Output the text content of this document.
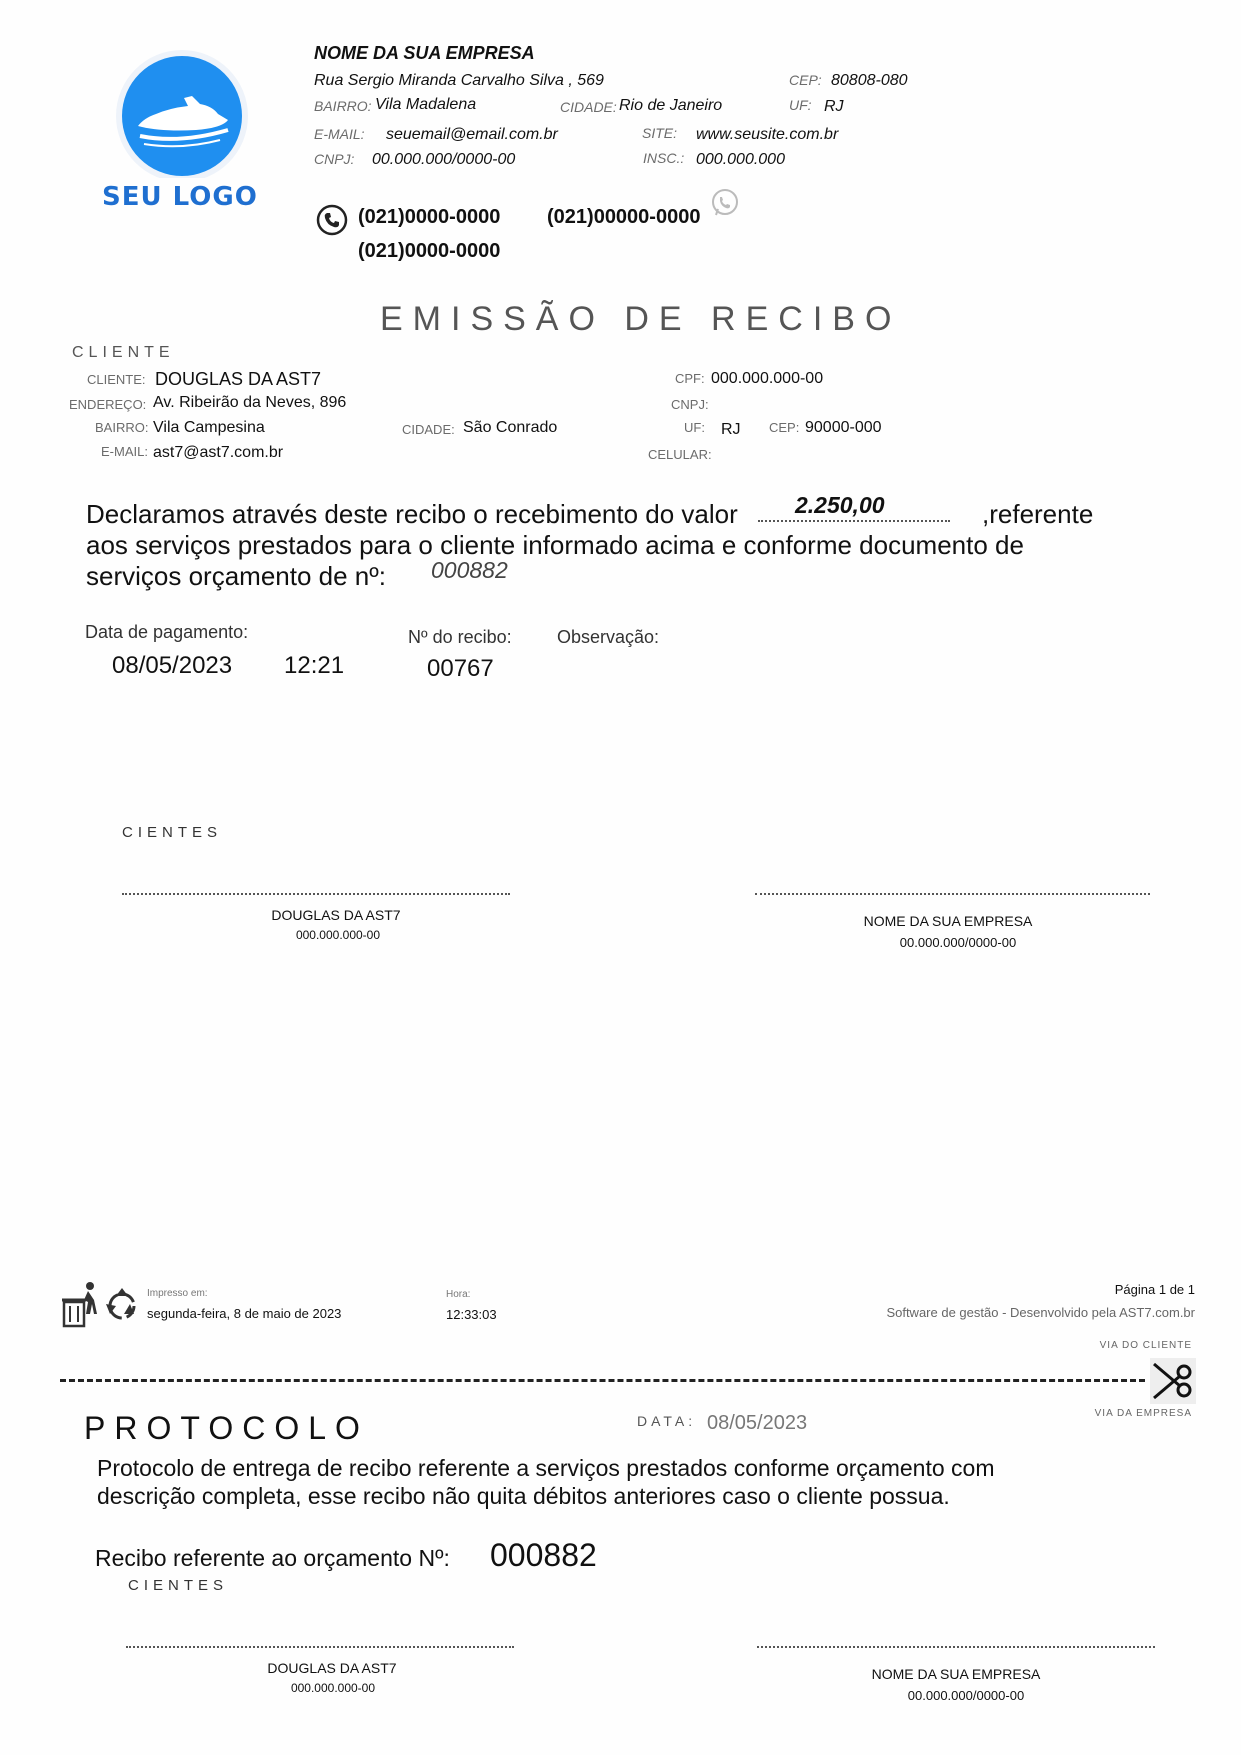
SEU LOGO
NOME DA SUA EMPRESA
Rua Sergio Miranda Carvalho Silva , 569	CEP: 80808-080
BAIRRO: Vila Madalena	CIDADE: Rio de Janeiro	UF: RJ
E-MAIL: seuemail@email.com.br	SITE: www.seusite.com.br
CNPJ: 00.000.000/0000-00	INSC.: 000.000.000
(021)0000-0000 (021)00000-0000
(021)0000-0000
EMISSÃO DE RECIBO
CLIENTE
CLIENTE: DOUGLAS DA AST7
ENDEREÇO: Av. Ribeirão da Neves, 896
BAIRRO: Vila Campesina	CIDADE: São Conrado
E-MAIL: ast7@ast7.com.br
CPF: 000.000.000-00
CNPJ:
UF: RJ CEP: 90000-000
CELULAR:
Declaramos através deste recibo o recebimento do valor 2.250,00	,referente
aos serviços prestados para o cliente informado acima e conforme documento de
serviços orçamento de nº: 000882
Data de pagamento:
08/05/2023 12:21
Nº do recibo:
00767
Observação:
CIENTES
DOUGLAS DA AST7
000.000.000-00
NOME DA SUA EMPRESA
00.000.000/0000-00
Impresso em:
segunda-feira, 8 de maio de 2023
Hora:
12:33:03
Página 1 de 1
Software de gestão - Desenvolvido pela AST7.com.br
VIA DO CLIENTE
VIA DA EMPRESA
PROTOCOLO	DATA: 08/05/2023
Protocolo de entrega de recibo referente a serviços prestados conforme orçamento com
descrição completa, esse recibo não quita débitos anteriores caso o cliente possua.
Recibo referente ao orçamento Nº: 000882
CIENTES
DOUGLAS DA AST7
000.000.000-00
NOME DA SUA EMPRESA
00.000.000/0000-00
